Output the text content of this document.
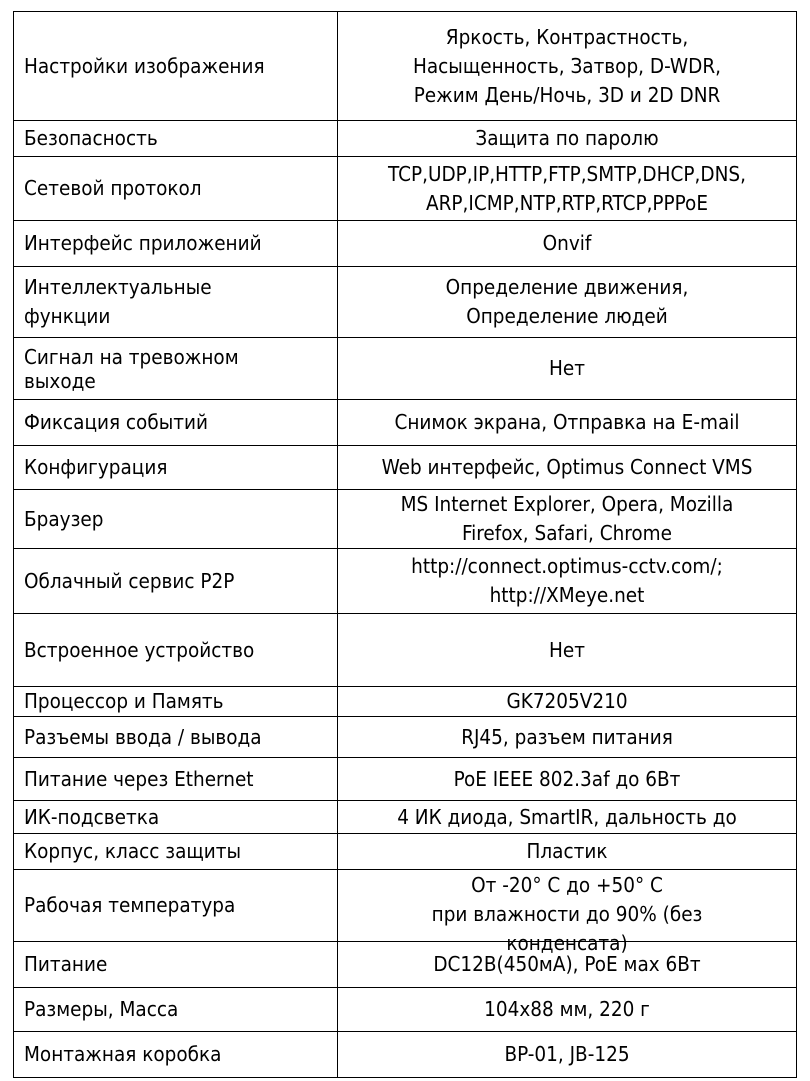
Настройки изображения	Яркость, Контрастность,
Насыщенность, Затвор, D-WDR,
Режим День/Ночь, 3D и 2D DNR

Безопасность	Защита по паролю

Сетевой протокол	TCP,UDP,IP,HTTP,FTP,SMTP,DHCP,DNS,
ARP,ICMP,NTP,RTP,RTCP,PPPoE

Интерфейс приложений	Onvif

Интеллектуальные
функции	Определение движения,
Определение людей

Сигнал на тревожном
выходе	Нет

Фиксация событий	Снимок экрана, Отправка на E-mail

Конфигурация	Web интерфейс, Optimus Connect VMS

Браузер	MS Internet Explorer, Opera, Mozilla
Firefox, Safari, Chrome

Облачный сервис P2P	http://connect.optimus-cctv.com/;
http://XMeye.net

Встроенное устройство	Нет

Процессор и Память	GK7205V210

Разъемы ввода / вывода	RJ45, разъем питания

Питание через Ethernet	PoE IEEE 802.3af до 6Вт

ИК-подсветка	4 ИК диода, SmartIR, дальность до

Корпус, класс защиты	Пластик

Рабочая температура	От -20° С до +50° С
при влажности до 90% (без
конденсата)

Питание	DC12В(450мА), PoE мах 6Вт

Размеры, Масса	104х88 мм, 220 г

Монтажная коробка	BP-01, JB-125
